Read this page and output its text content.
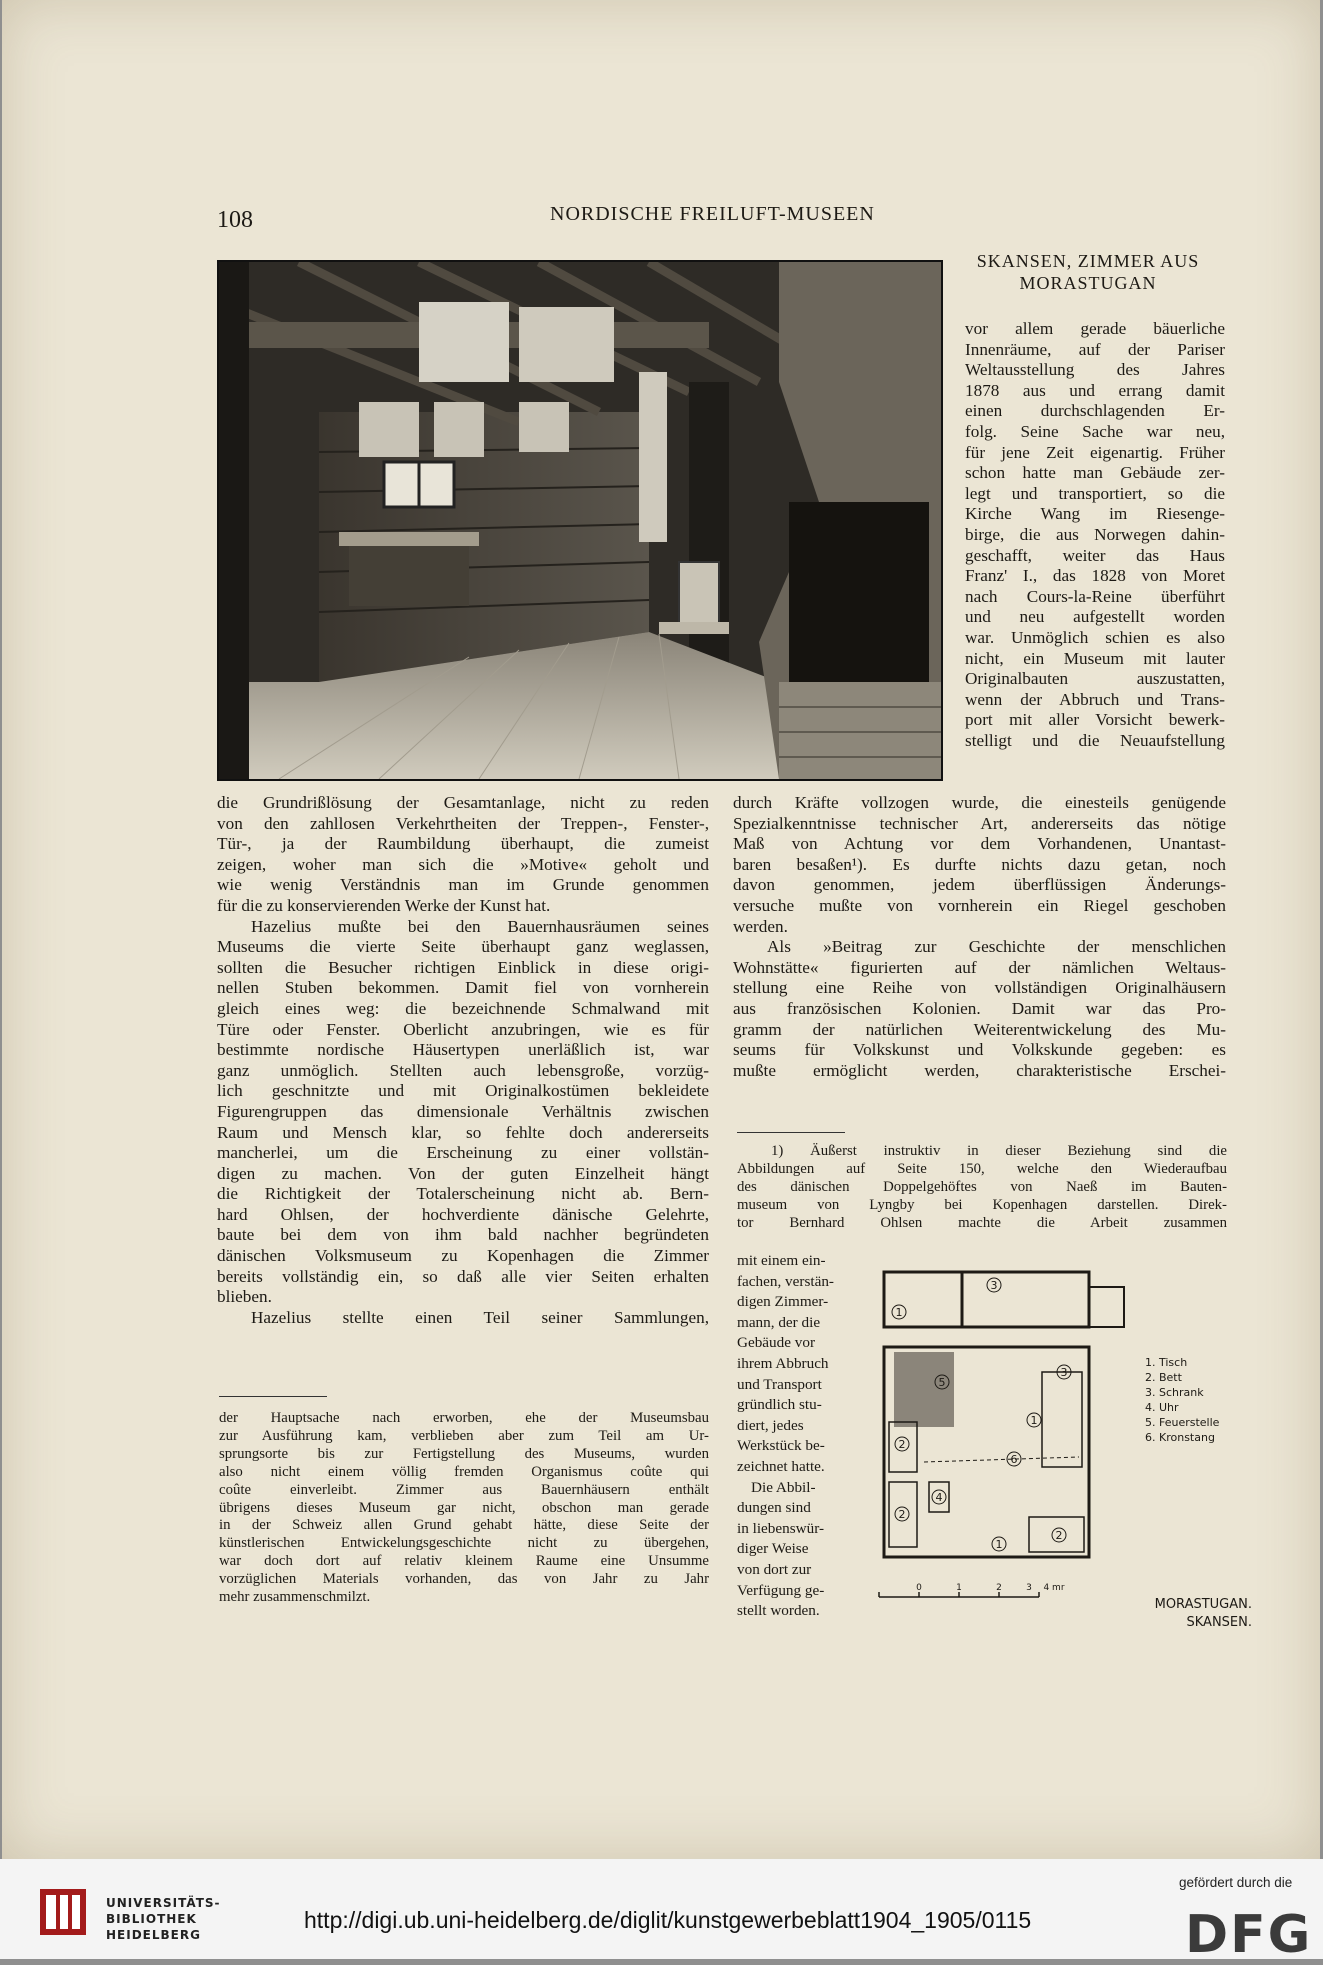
108	NORDISCHE FREILUFT-MUSEEN
SKANSEN, ZIMMER AUS
MORASTUGAN

vor allem gerade bäuerliche

Innenräume, auf der Pariser

Weltausstellung des Jahres

1878 aus und errang damit

einen durchschlagenden Er-

folg. Seine Sache war neu,

für jene Zeit eigenartig. Früher

schon hatte man Gebäude zer-

legt und transportiert, so die

Kirche Wang im Riesenge-

birge, die aus Norwegen dahin-

geschafft, weiter das Haus

Franz' I., das 1828 von Moret

nach Cours-la-Reine überführt

und neu aufgestellt worden

war. Unmöglich schien es also

nicht, ein Museum mit lauter

Originalbauten auszustatten,

wenn der Abbruch und Trans-

port mit aller Vorsicht bewerk-

stelligt und die Neuaufstellung

durch Kräfte vollzogen wurde, die einesteils genügende

Spezialkenntnisse technischer Art, andererseits das nötige

Maß von Achtung vor dem Vorhandenen, Unantast-

baren besaßen¹). Es durfte nichts dazu getan, noch

davon genommen, jedem überflüssigen Änderungs-

versuche mußte von vornherein ein Riegel geschoben

werden.

Als »Beitrag zur Geschichte der menschlichen

Wohnstätte« figurierten auf der nämlichen Weltaus-

stellung eine Reihe von vollständigen Originalhäusern

aus französischen Kolonien. Damit war das Pro-

gramm der natürlichen Weiterentwickelung des Mu-

seums für Volkskunst und Volkskunde gegeben: es

mußte ermöglicht werden, charakteristische Erschei-

die Grundrißlösung der Gesamtanlage, nicht zu reden

von den zahllosen Verkehrtheiten der Treppen-, Fenster-,

Tür-, ja der Raumbildung überhaupt, die zumeist

zeigen, woher man sich die »Motive« geholt und

wie wenig Verständnis man im Grunde genommen

für die zu konservierenden Werke der Kunst hat.

Hazelius mußte bei den Bauernhausräumen seines

Museums die vierte Seite überhaupt ganz weglassen,

sollten die Besucher richtigen Einblick in diese origi-

nellen Stuben bekommen. Damit fiel von vornherein

gleich eines weg: die bezeichnende Schmalwand mit

Türe oder Fenster. Oberlicht anzubringen, wie es für

bestimmte nordische Häusertypen unerläßlich ist, war

ganz unmöglich. Stellten auch lebensgroße, vorzüg-

lich geschnitzte und mit Originalkostümen bekleidete

Figurengruppen das dimensionale Verhältnis zwischen

Raum und Mensch klar, so fehlte doch andererseits

mancherlei, um die Erscheinung zu einer vollstän-

digen zu machen. Von der guten Einzelheit hängt

die Richtigkeit der Totalerscheinung nicht ab. Bern-

hard Ohlsen, der hochverdiente dänische Gelehrte,

baute bei dem von ihm bald nachher begründeten

dänischen Volksmuseum zu Kopenhagen die Zimmer

bereits vollständig ein, so daß alle vier Seiten erhalten

blieben.

Hazelius stellte einen Teil seiner Sammlungen,

der Hauptsache nach erworben, ehe der Museumsbau

zur Ausführung kam, verblieben aber zum Teil am Ur-

sprungsorte bis zur Fertigstellung des Museums, wurden

also nicht einem völlig fremden Organismus coûte qui

coûte einverleibt. Zimmer aus Bauernhäusern enthält

übrigens dieses Museum gar nicht, obschon man gerade

in der Schweiz allen Grund gehabt hätte, diese Seite der

künstlerischen Entwickelungsgeschichte nicht zu übergehen,

war doch dort auf relativ kleinem Raume eine Unsumme

vorzüglichen Materials vorhanden, das von Jahr zu Jahr

mehr zusammenschmilzt.

1) Äußerst instruktiv in dieser Beziehung sind die

Abbildungen auf Seite 150, welche den Wiederaufbau

des dänischen Doppelgehöftes von Naeß im Bauten-

museum von Lyngby bei Kopenhagen darstellen. Direk-

tor Bernhard Ohlsen machte die Arbeit zusammen

mit einem ein-

fachen, verstän-

digen Zimmer-

mann, der die

Gebäude vor

ihrem Abbruch

und Transport

gründlich stu-

diert, jedes

Werkstück be-

zeichnet hatte.

Die Abbil-

dungen sind

in liebenswür-

diger Weise

von dort zur

Verfügung ge-

stellt worden.

3
1
5
3
1
6
2
2
4
1
2
0	1	2	3 4 mr
1. Tisch
2. Bett
3. Schrank
4. Uhr
5. Feuerstelle
6. Kronstang
MORASTUGAN.
SKANSEN.
UNIVERSITÄTS-
BIBLIOTHEK
HEIDELBERG
http://digi.ub.uni-heidelberg.de/diglit/kunstgewerbeblatt1904_1905/0115
gefördert durch die
DFG
